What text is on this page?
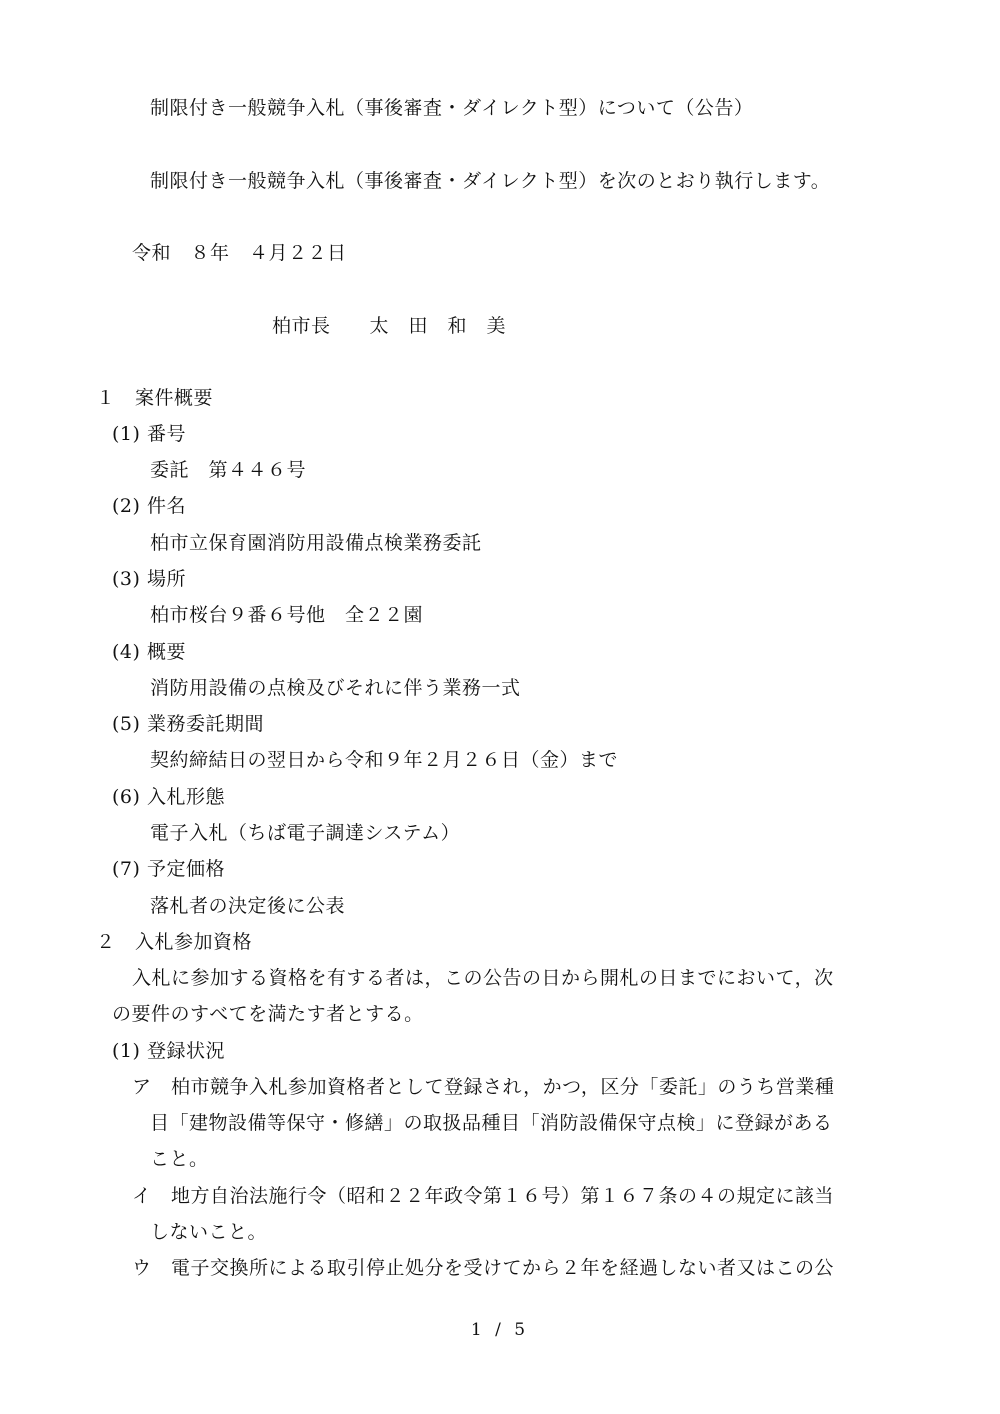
制限付き一般競争入札（事後審査・ダイレクト型）について（公告）
制限付き一般競争入札（事後審査・ダイレクト型）を次のとおり執行します。
令和　８年　４月２２日
柏市長　　太　田　和　美
１　案件概要
(1) 番号
委託　第４４６号
(2) 件名
柏市立保育園消防用設備点検業務委託
(3) 場所
柏市桜台９番６号他　全２２園
(4) 概要
消防用設備の点検及びそれに伴う業務一式
(5) 業務委託期間
契約締結日の翌日から令和９年２月２６日（金）まで
(6) 入札形態
電子入札（ちば電子調達システム）
(7) 予定価格
落札者の決定後に公表
２　入札参加資格
入札に参加する資格を有する者は，この公告の日から開札の日までにおいて，次
の要件のすべてを満たす者とする。
(1) 登録状況
ア　柏市競争入札参加資格者として登録され，かつ，区分「委託」のうち営業種
目「建物設備等保守・修繕」の取扱品種目「消防設備保守点検」に登録がある
こと。
イ　地方自治法施行令（昭和２２年政令第１６号）第１６７条の４の規定に該当
しないこと。
ウ　電子交換所による取引停止処分を受けてから２年を経過しない者又はこの公
1 / 5
